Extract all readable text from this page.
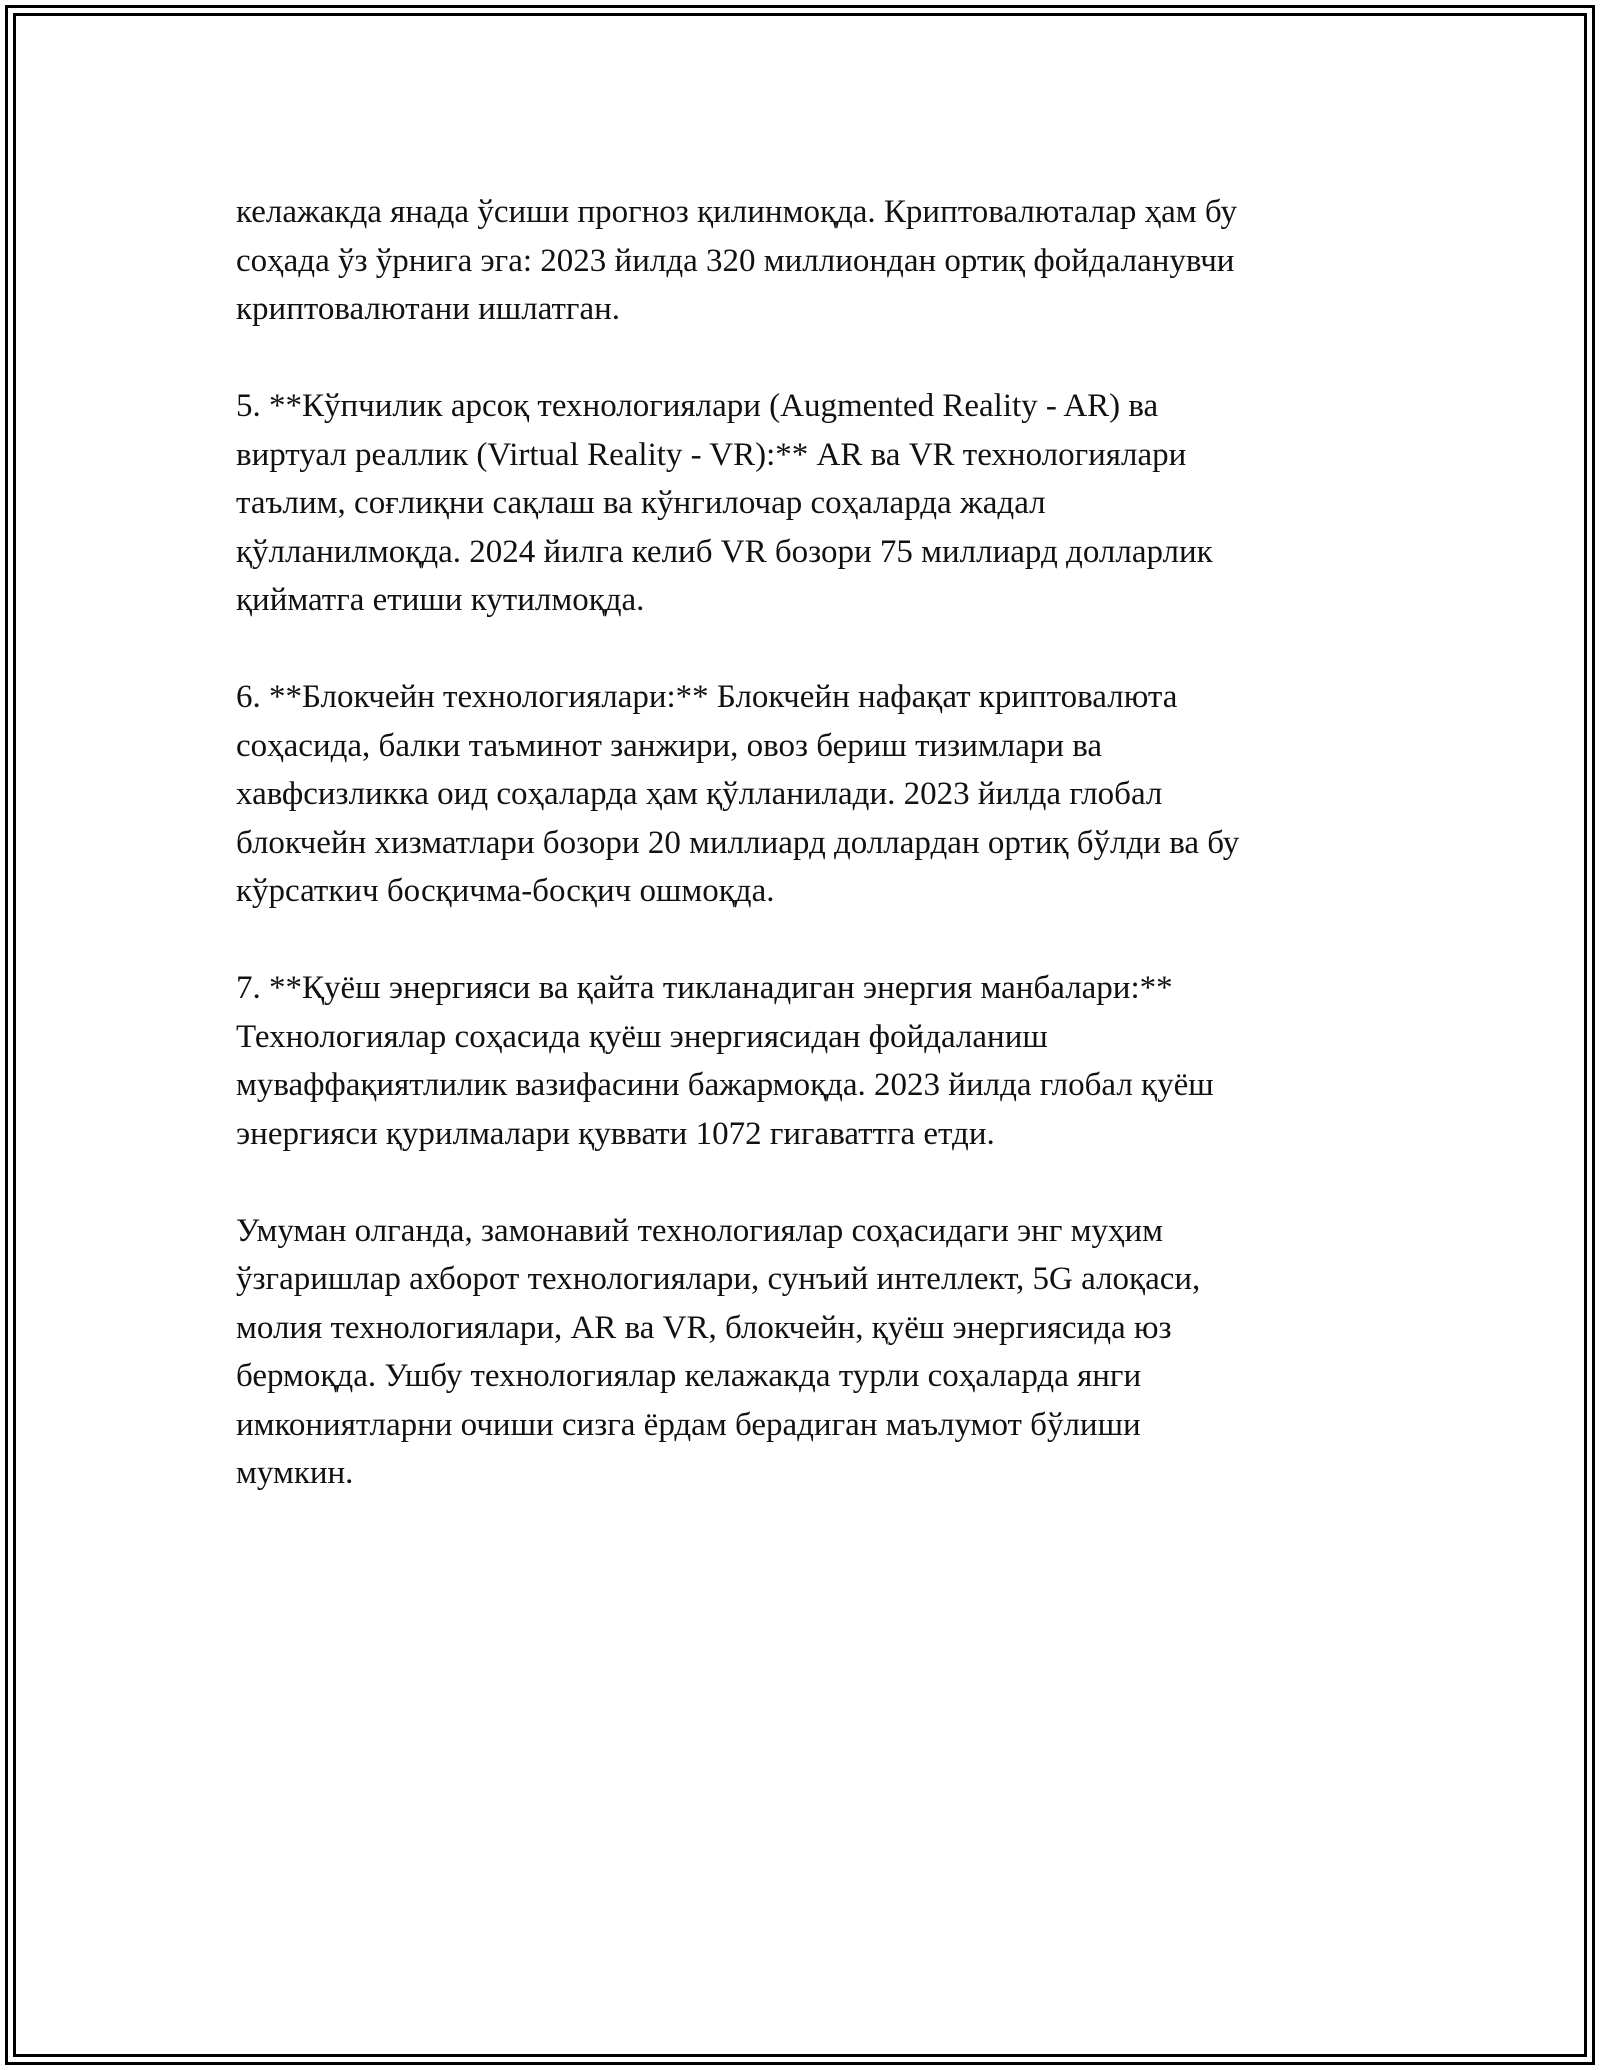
келажакда янада ўсиши прогноз қилинмоқда. Криптовалюталар ҳам бу
соҳада ўз ўрнига эга: 2023 йилда 320 миллиондан ортиқ фойдаланувчи
криптовалютани ишлатган.

5. **Кўпчилик арсоқ технологиялари (Augmented Reality - AR) ва
виртуал реаллик (Virtual Reality - VR):** AR ва VR технологиялари
таълим, соғлиқни сақлаш ва кўнгилочар соҳаларда жадал
қўлланилмоқда. 2024 йилга келиб VR бозори 75 миллиард долларлик
қийматга етиши кутилмоқда.

6. **Блокчейн технологиялари:** Блокчейн нафақат криптовалюта
соҳасида, балки таъминот занжири, овоз бериш тизимлари ва
хавфсизликка оид соҳаларда ҳам қўлланилади. 2023 йилда глобал
блокчейн хизматлари бозори 20 миллиард доллардан ортиқ бўлди ва бу
кўрсаткич босқичма-босқич ошмоқда.

7. **Қуёш энергияси ва қайта тикланадиган энергия манбалари:**
Технологиялар соҳасида қуёш энергиясидан фойдаланиш
муваффақиятлилик вазифасини бажармоқда. 2023 йилда глобал қуёш
энергияси қурилмалари қуввати 1072 гигаваттга етди.

Умуман олганда, замонавий технологиялар соҳасидаги энг муҳим
ўзгаришлар ахборот технологиялари, сунъий интеллект, 5G алоқаси,
молия технологиялари, AR ва VR, блокчейн, қуёш энергиясида юз
бермоқда. Ушбу технологиялар келажакда турли соҳаларда янги
имкониятларни очиши сизга ёрдам берадиган маълумот бўлиши
мумкин.
